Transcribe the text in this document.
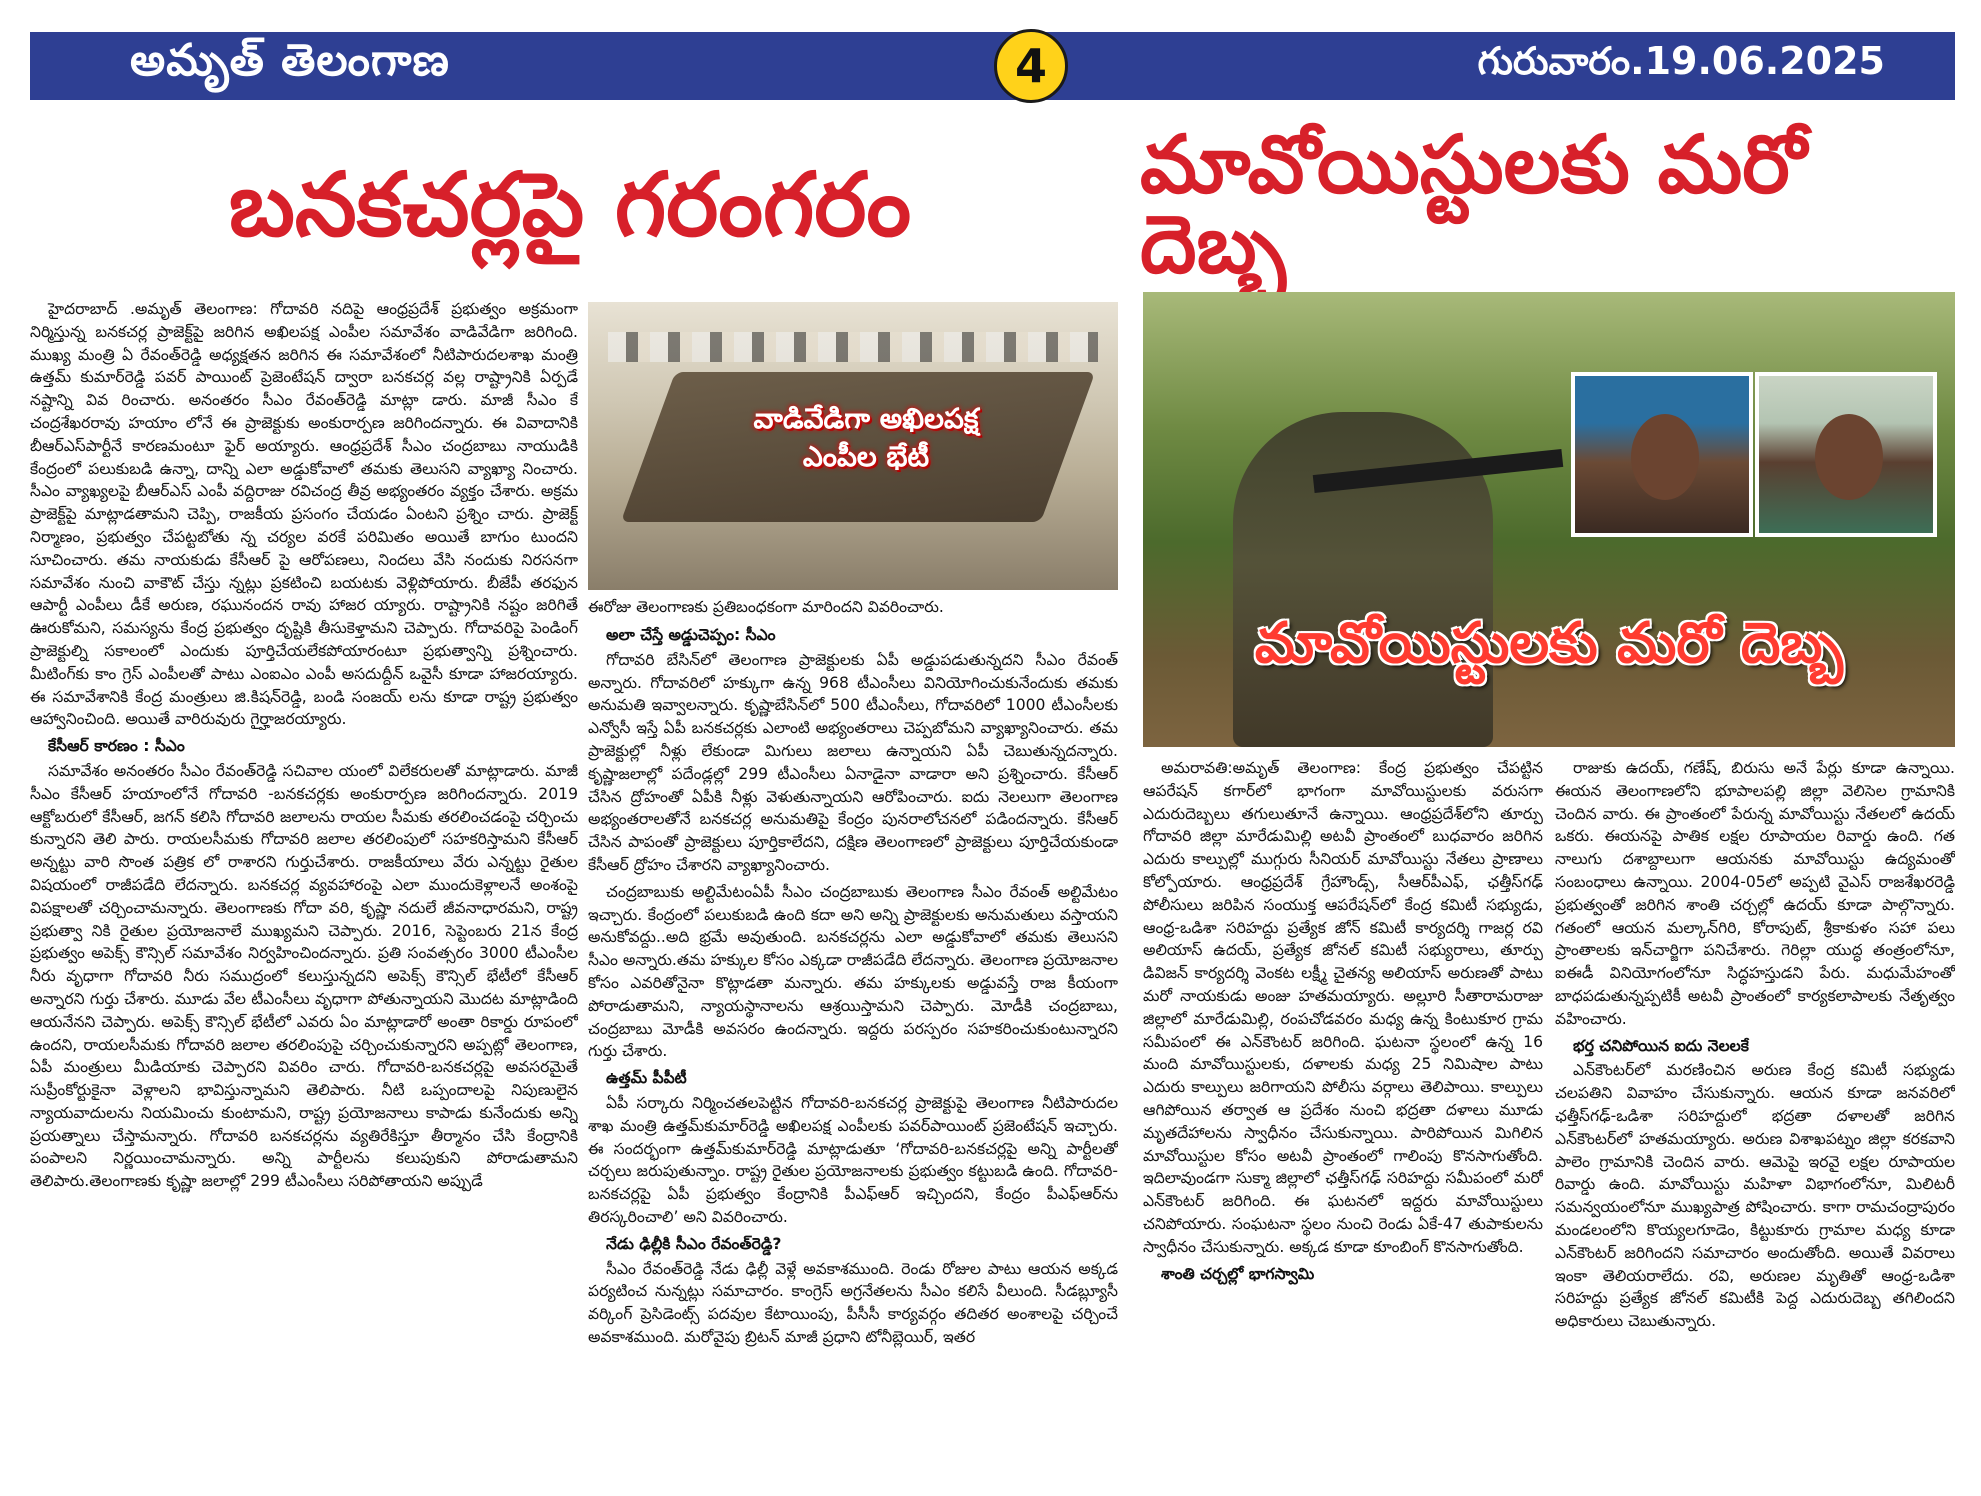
అమృత్ తెలంగాణ	4	గురువారం.19.06.2025
బనకచర్లపై గరంగరం	మావోయిస్టులకు మరో దెబ్బ

హైదరాబాద్ .అమృత్ తెలంగాణ: గోదావరి నదిపై ఆంధ్రప్రదేశ్ ప్రభుత్వం అక్రమంగా నిర్మిస్తున్న బనకచర్ల ప్రాజెక్ట్‌పై జరిగిన అఖిలపక్ష ఎంపీల సమావేశం వాడివేడిగా జరిగింది. ముఖ్య మంత్రి ఏ రేవంత్‌రెడ్డి అధ్యక్షతన జరిగిన ఈ సమావేశంలో నీటిపారుదలశాఖ మంత్రి ఉత్తమ్ కుమార్‌రెడ్డి పవర్ పాయింట్ ప్రెజెంటేషన్ ద్వారా బనకచర్ల వల్ల రాష్ట్రానికి ఏర్పడే నష్టాన్ని వివ రించారు. అనంతరం సీఎం రేవంత్‌రెడ్డి మాట్లా డారు. మాజీ సీఎం కే చంద్రశేఖరరావు హయాం లోనే ఈ ప్రాజెక్టుకు అంకురార్పణ జరిగిందన్నారు. ఈ వివాదానికి బీఆర్ఎస్‌పార్టీనే కారణమంటూ ఫైర్ అయ్యారు. ఆంధ్రప్రదేశ్ సీఎం చంద్రబాబు నాయుడికి కేంద్రంలో పలుకుబడి ఉన్నా, దాన్ని ఎలా అడ్డుకోవాలో తమకు తెలుసని వ్యాఖ్యా నించారు. సీఎం వ్యాఖ్యలపై బీఆర్ఎస్ ఎంపీ వద్దిరాజు రవిచంద్ర తీవ్ర అభ్యంతరం వ్యక్తం చేశారు. అక్రమ ప్రాజెక్ట్‌పై మాట్లాడతామని చెప్పి, రాజకీయ ప్రసంగం చేయడం ఏంటని ప్రశ్నిం చారు. ప్రాజెక్ట్ నిర్మాణం, ప్రభుత్వం చేపట్టబోతు న్న చర్యల వరకే పరిమితం అయితే బాగుం టుందని సూచించారు. తమ నాయకుడు కేసీఆర్ పై ఆరోపణలు, నిందలు వేసి నందుకు నిరసనగా సమావేశం నుంచి వాకౌట్ చేస్తు న్నట్లు ప్రకటించి బయటకు వెళ్లిపోయారు. బీజేపీ తరఫున ఆపార్టీ ఎంపీలు డీకే అరుణ, రఘునందన రావు హాజర య్యారు. రాష్ట్రానికి నష్టం జరిగితే ఊరుకోమని, సమస్యను కేంద్ర ప్రభుత్వం దృష్టికి తీసుకెళ్తామని చెప్పారు. గోదావరిపై పెండింగ్ ప్రాజెక్టుల్ని సకాలంలో ఎందుకు పూర్తిచేయలేకపోయారంటూ ప్రభుత్వాన్ని ప్రశ్నించారు. మీటింగ్‌కు కాం గ్రెస్ ఎంపీలతో పాటు ఎంఐఎం ఎంపీ అసదుద్దీన్ ఒవైసీ కూడా హాజరయ్యారు. ఈ సమావేశానికి కేంద్ర మంత్రులు జి.కిషన్‌రెడ్డి, బండి సంజయ్‌ లను కూడా రాష్ట్ర ప్రభుత్వం ఆహ్వానించింది. అయితే వారిరువురు గైర్హాజరయ్యారు.

కేసీఆర్ కారణం : సీఎం

సమావేశం అనంతరం సీఎం రేవంత్‌రెడ్డి సచివాల యంలో విలేకరులతో మాట్లాడారు. మాజీ సీఎం కేసీఆర్ హయాంలోనే గోదావరి -బనకచర్లకు అంకురార్పణ జరిగిందన్నారు. 2019 ఆక్టోబరులో కేసీఆర్, జగన్ కలిసి గోదావరి జలాలను రాయల సీమకు తరలించడంపై చర్చించు కున్నారని తెలి పారు. రాయలసీమకు గోదావరి జలాల తరలింపులో సహకరిస్తామని కేసీఆర్ అన్నట్టు వారి సొంత పత్రిక లో రాశారని గుర్తుచేశారు. రాజకీయాలు వేరు ఎన్నట్టు రైతుల విషయంలో రాజీపడేది లేదన్నారు. బనకచర్ల వ్యవహారంపై ఎలా ముందుకెళ్లాలనే అంశంపై విపక్షాలతో చర్చించామన్నారు. తెలంగాణకు గోదా వరి, కృష్ణా నదులే జీవనాధారమని, రాష్ట్ర ప్రభుత్వా నికి రైతుల ప్రయోజనాలే ముఖ్యమని చెప్పారు. 2016, సెప్టెంబరు 21న కేంద్ర ప్రభుత్వం అపెక్స్ కౌన్సిల్ సమావేశం నిర్వహించిందన్నారు. ప్రతి సంవత్సరం 3000 టీఎంసీల నీరు వృధాగా గోదావరి నీరు సముద్రంలో కలుస్తున్నదని అపెక్స్ కౌన్సిల్ భేటీలో కేసీఆర్ అన్నారని గుర్తు చేశారు. మూడు వేల టీఎంసీలు వృధాగా పోతున్నాయని మొదట మాట్లాడింది ఆయనేనని చెప్పారు. అపెక్స్ కౌన్సిల్ భేటీలో ఎవరు ఏం మాట్లాడారో అంతా రికార్డు రూపంలో ఉందని, రాయలసీమకు గోదావరి జలాల తరలింపుపై చర్చించుకున్నారని అప్పట్లో తెలంగాణ, ఏపీ మంత్రులు మీడియాకు చెప్పారని వివరిం చారు. గోదావరి-బనకచర్లపై అవసరమైతే సుప్రీంకోర్టుకైనా వెళ్లాలని భావిస్తున్నామని తెలిపారు. నీటి ఒప్పందాలపై నిపుణులైన న్యాయవాదులను నియమించు కుంటామని, రాష్ట్ర ప్రయోజనాలు కాపాడు కునేందుకు అన్ని ప్రయత్నాలు చేస్తామన్నారు. గోదావరి బనకచర్లను వ్యతిరేకిస్తూ తీర్మానం చేసి కేంద్రానికి పంపాలని నిర్ణయించామన్నారు. అన్ని పార్టీలను కలుపుకుని పోరాడుతామని తెలిపారు.తెలంగాణకు కృష్ణా జలాల్లో 299 టీఎంసీలు సరిపోతాయని అప్పుడే

వాడివేడిగా అఖిలపక్ష ఎంపీల భేటీ
ఈరోజు తెలంగాణకు ప్రతిబంధకంగా మారిందని వివరించారు.

అలా చేస్తే అడ్డుచెప్పం: సీఎం

గోదావరి బేసిన్‌లో తెలంగాణ ప్రాజెక్టులకు ఏపీ అడ్డుపడుతున్నదని సీఎం రేవంత్ అన్నారు. గోదావరిలో హక్కుగా ఉన్న 968 టీఎంసీలు వినియోగించుకునేందుకు తమకు అనుమతి ఇవ్వాలన్నారు. కృష్ణాబేసిన్‌లో 500 టీఎంసీలు, గోదావరిలో 1000 టీఎంసీలకు ఎన్వోసీ ఇస్తే ఏపీ బనకచర్లకు ఎలాంటి అభ్యంతరాలు చెప్పబోమని వ్యాఖ్యానించారు. తమ ప్రాజెక్టుల్లో నీళ్లు లేకుండా మిగులు జలాలు ఉన్నాయని ఏపీ చెబుతున్నదన్నారు. కృష్ణాజలాల్లో పదేండ్లల్లో 299 టీఎంసీలు ఏనాడైనా వాడారా అని ప్రశ్నించారు. కేసీఆర్ చేసిన ద్రోహంతో ఏపీకి నీళ్లు వెళుతున్నాయని ఆరోపించారు. ఐదు నెలలుగా తెలంగాణ అభ్యంతరాలతోనే బనకచర్ల అనుమతిపై కేంద్రం పునరాలోచనలో పడిందన్నారు. కేసీఆర్ చేసిన పాపంతో ప్రాజెక్టులు పూర్తికాలేదని, దక్షిణ తెలంగాణలో ప్రాజెక్టులు పూర్తిచేయకుండా కేసీఆర్ ద్రోహం చేశారని వ్యాఖ్యానించారు.

చంద్రబాబుకు అల్టిమేటంఏపీ సీఎం చంద్రబాబుకు తెలంగాణ సీఎం రేవంత్ అల్టిమేటం ఇచ్చారు. కేంద్రంలో పలుకుబడి ఉంది కదా అని అన్ని ప్రాజెక్టులకు అనుమతులు వస్తాయని అనుకోవద్దు..అది భ్రమే అవుతుంది. బనకచర్లను ఎలా అడ్డుకోవాలో తమకు తెలుసని సీఎం అన్నారు.తమ హక్కుల కోసం ఎక్కడా రాజీపడేది లేదన్నారు. తెలంగాణ ప్రయోజనాల కోసం ఎవరితోనైనా కొట్లాడతా మన్నారు. తమ హక్కులకు అడ్డువస్తే రాజ కీయంగా పోరాడుతామని, న్యాయస్థానాలను ఆశ్రయిస్తామని చెప్పారు. మోడీకి చంద్రబాబు, చంద్రబాబు మోడీకి అవసరం ఉందన్నారు. ఇద్దరు పరస్పరం సహకరించుకుంటున్నారని గుర్తు చేశారు.

ఉత్తమ్ పీపీటీ

ఏపీ సర్కారు నిర్మించతలపెట్టిన గోదావరి-బనకచర్ల ప్రాజెక్టుపై తెలంగాణ నీటిపారుదల శాఖ మంత్రి ఉత్తమ్‌కుమార్‌రెడ్డి అఖిలపక్ష ఎంపీలకు పవర్‌పాయింట్ ప్రజెంటేషన్ ఇచ్చారు. ఈ సందర్భంగా ఉత్తమ్‌కుమార్‌రెడ్డి మాట్లాడుతూ ‘గోదావరి-బనకచర్లపై అన్ని పార్టీలతో చర్చలు జరుపుతున్నాం. రాష్ట్ర రైతుల ప్రయోజనాలకు ప్రభుత్వం కట్టుబడి ఉంది. గోదావరి-బనకచర్లపై ఏపీ ప్రభుత్వం కేంద్రానికి పీఎఫ్ఆర్ ఇచ్చిందని, కేంద్రం పీఎఫ్ఆర్‌ను తిరస్కరించాలి’ అని వివరించారు.

నేడు ఢిల్లీకి సీఎం రేవంత్‌రెడ్డి?

సీఎం రేవంత్‌రెడ్డి నేడు ఢిల్లీ వెళ్లే అవకాశముంది. రెండు రోజుల పాటు ఆయన అక్కడ పర్యటించ నున్నట్లు సమాచారం. కాంగ్రెస్ అగ్రనేతలను సీఎం కలిసే వీలుంది. సీడబ్ల్యూసీ వర్కింగ్ ప్రెసిడెంట్స్ పదవుల కేటాయింపు, పీసీసీ కార్యవర్గం తదితర అంశాలపై చర్చించే అవకాశముంది. మరోవైపు బ్రిటన్ మాజీ ప్రధాని టోనీబ్లెయిర్, ఇతర

మావోయిస్టులకు మరో దెబ్బ

అమరావతి:అమృత్ తెలంగాణ: కేంద్ర ప్రభుత్వం చేపట్టిన ఆపరేషన్ కగార్‌లో భాగంగా మావోయిస్టులకు వరుసగా ఎదురుదెబ్బలు తగులుతూనే ఉన్నాయి. ఆంధ్రప్రదేశ్‌లోని తూర్పు గోదావరి జిల్లా మారేడుమిల్లి అటవీ ప్రాంతంలో బుధవారం జరిగిన ఎదురు కాల్పుల్లో ముగ్గురు సీనియర్ మావోయిస్టు నేతలు ప్రాణాలు కోల్పోయారు. ఆంధ్రప్రదేశ్ గ్రేహౌండ్స్, సీఆర్‌పీఎఫ్, ఛత్తీస్‌గఢ్ పోలీసులు జరిపిన సంయుక్త ఆపరేషన్‌లో కేంద్ర కమిటీ సభ్యుడు, ఆంధ్ర-ఒడిశా సరిహద్దు ప్రత్యేక జోన్ కమిటీ కార్యదర్శి గాజర్ల రవి అలియాస్ ఉదయ్, ప్రత్యేక జోనల్ కమిటీ సభ్యురాలు, తూర్పు డివిజన్ కార్యదర్శి వెంకట లక్ష్మీ చైతన్య అలియాస్ అరుణతో పాటు మరో నాయకుడు అంజు హతమయ్యారు. అల్లూరి సీతారామరాజు జిల్లాలో మారేడుమిల్లి, రంపచోడవరం మధ్య ఉన్న కింటుకూర గ్రామ సమీపంలో ఈ ఎన్‌కౌంటర్ జరిగింది. ఘటనా స్థలంలో ఉన్న 16 మంది మావోయిస్టులకు, దళాలకు మధ్య 25 నిమిషాల పాటు ఎదురు కాల్పులు జరిగాయని పోలీసు వర్గాలు తెలిపాయి. కాల్పులు ఆగిపోయిన తర్వాత ఆ ప్రదేశం నుంచి భద్రతా దళాలు మూడు మృతదేహాలను స్వాధీనం చేసుకున్నాయి. పారిపోయిన మిగిలిన మావోయిస్టుల కోసం అటవీ ప్రాంతంలో గాలింపు కొనసాగుతోంది. ఇదిలావుండగా సుక్మా జిల్లాలో ఛత్తీస్‌గఢ్ సరిహద్దు సమీపంలో మరో ఎన్‌కౌంటర్ జరిగింది. ఈ ఘటనలో ఇద్దరు మావోయిస్టులు చనిపోయారు. సంఘటనా స్థలం నుంచి రెండు ఏకే-47 తుపాకులను స్వాధీనం చేసుకున్నారు. అక్కడ కూడా కూంబింగ్ కొనసాగుతోంది.

శాంతి చర్చల్లో భాగస్వామి

రాజుకు ఉదయ్, గణేష్, బిరుసు అనే పేర్లు కూడా ఉన్నాయి. ఈయన తెలంగాణలోని భూపాలపల్లి జిల్లా వెలిసెల గ్రామానికి చెందిన వారు. ఈ ప్రాంతంలో పేరున్న మావోయిస్టు నేతలలో ఉదయ్ ఒకరు. ఈయనపై పాతిక లక్షల రూపాయల రివార్డు ఉంది. గత నాలుగు దశాబ్దాలుగా ఆయనకు మావోయిస్టు ఉద్యమంతో సంబంధాలు ఉన్నాయి. 2004-05లో అప్పటి వైఎస్ రాజశేఖరరెడ్డి ప్రభుత్వంతో జరిగిన శాంతి చర్చల్లో ఉదయ్ కూడా పాల్గొన్నారు. గతంలో ఆయన మల్కాన్‌గిరి, కోరాపుట్, శ్రీకాకుళం సహా పలు ప్రాంతాలకు ఇన్‌చార్జిగా పనిచేశారు. గెరిల్లా యుద్ధ తంత్రంలోనూ, ఐఈడీ వినియోగంలోనూ సిద్ధహస్తుడని పేరు. మధుమేహంతో బాధపడుతున్నప్పటికీ అటవీ ప్రాంతంలో కార్యకలాపాలకు నేతృత్వం వహించారు.

భర్త చనిపోయిన ఐదు నెలలకే

ఎన్‌కౌంటర్‌లో మరణించిన అరుణ కేంద్ర కమిటీ సభ్యుడు చలపతిని వివాహం చేసుకున్నారు. ఆయన కూడా జనవరిలో ఛత్తీస్‌గఢ్-ఒడిశా సరిహద్దులో భద్రతా దళాలతో జరిగిన ఎన్‌కౌంటర్‌లో హతమయ్యారు. అరుణ విశాఖపట్నం జిల్లా కరకవాని పాలెం గ్రామానికి చెందిన వారు. ఆమెపై ఇరవై లక్షల రూపాయల రివార్డు ఉంది. మావోయిస్టు మహిళా విభాగంలోనూ, మిలిటరీ సమన్వయంలోనూ ముఖ్యపాత్ర పోషించారు. కాగా రామచంద్రాపురం మండలంలోని కొయ్యలగూడెం, కిట్టుకూరు గ్రామాల మధ్య కూడా ఎన్‌కౌంటర్ జరిగిందని సమాచారం అందుతోంది. అయితే వివరాలు ఇంకా తెలియరాలేదు. రవి, అరుణల మృతితో ఆంధ్ర-ఒడిశా సరిహద్దు ప్రత్యేక జోనల్ కమిటీకి పెద్ద ఎదురుదెబ్బ తగిలిందని అధికారులు చెబుతున్నారు.
